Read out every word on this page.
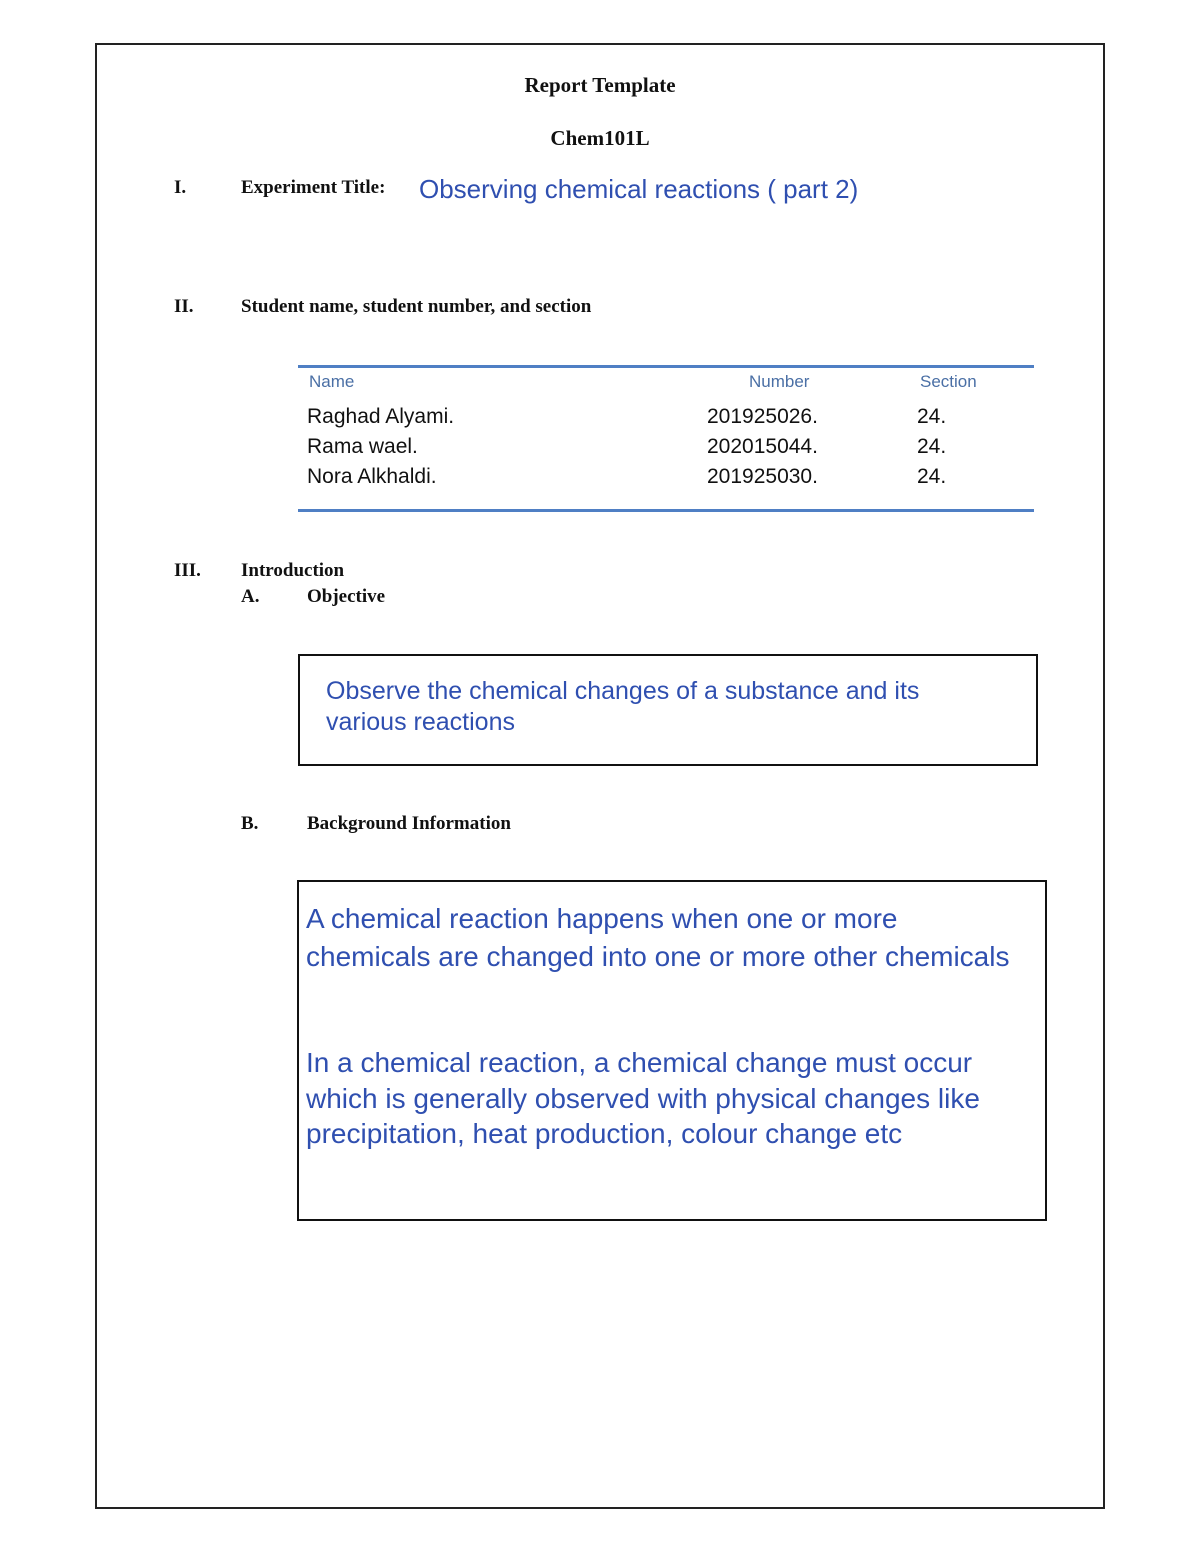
Report Template
Chem101L
I.	Experiment Title: Observing chemical reactions ( part 2)
II. Student name, student number, and section
Name	Number	Section
Raghad Alyami.	201925026.	24.
Rama wael.	202015044.	24.
Nora Alkhaldi.	201925030.	24.
III. Introduction
A.	Objective
Observe the chemical changes of a substance and its various reactions
B.	Background Information
A chemical reaction happens when one or more chemicals are changed into one or more other chemicals
In a chemical reaction, a chemical change must occur which is generally observed with physical changes like precipitation, heat production, colour change etc
